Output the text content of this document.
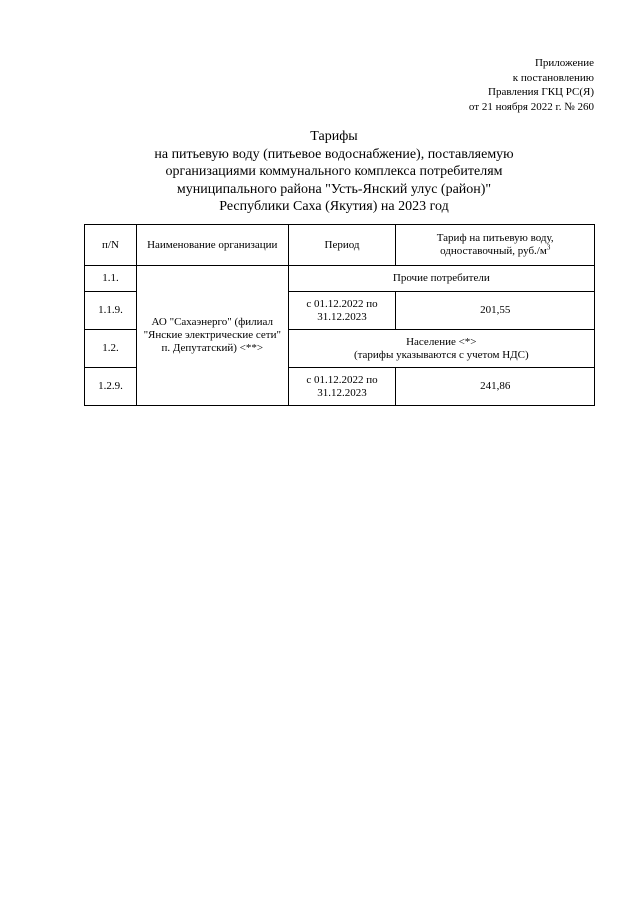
Приложение
к постановлению
Правления ГКЦ РС(Я)
от 21 ноября 2022 г. № 260
Тарифы
на питьевую воду (питьевое водоснабжение), поставляемую
организациями коммунального комплекса потребителям
муниципального района "Усть-Янский улус (район)"
Республики Саха (Якутия) на 2023 год
п/N	Наименование организации	Период	Тариф на питьевую воду, одноставочный, $руб./м^3$
1.1.	АО "Сахаэнерго" (филиал "Янские электрические сети" п. Депутатский) <**>	Прочие потребители	
1.1.9.		с 01.12.2022 по 31.12.2023	201,55
1.2.		Население <*>
(тарифы указываются с учетом НДС)	

1.2.9.		с 01.12.2022 по 31.12.2023	241,86
